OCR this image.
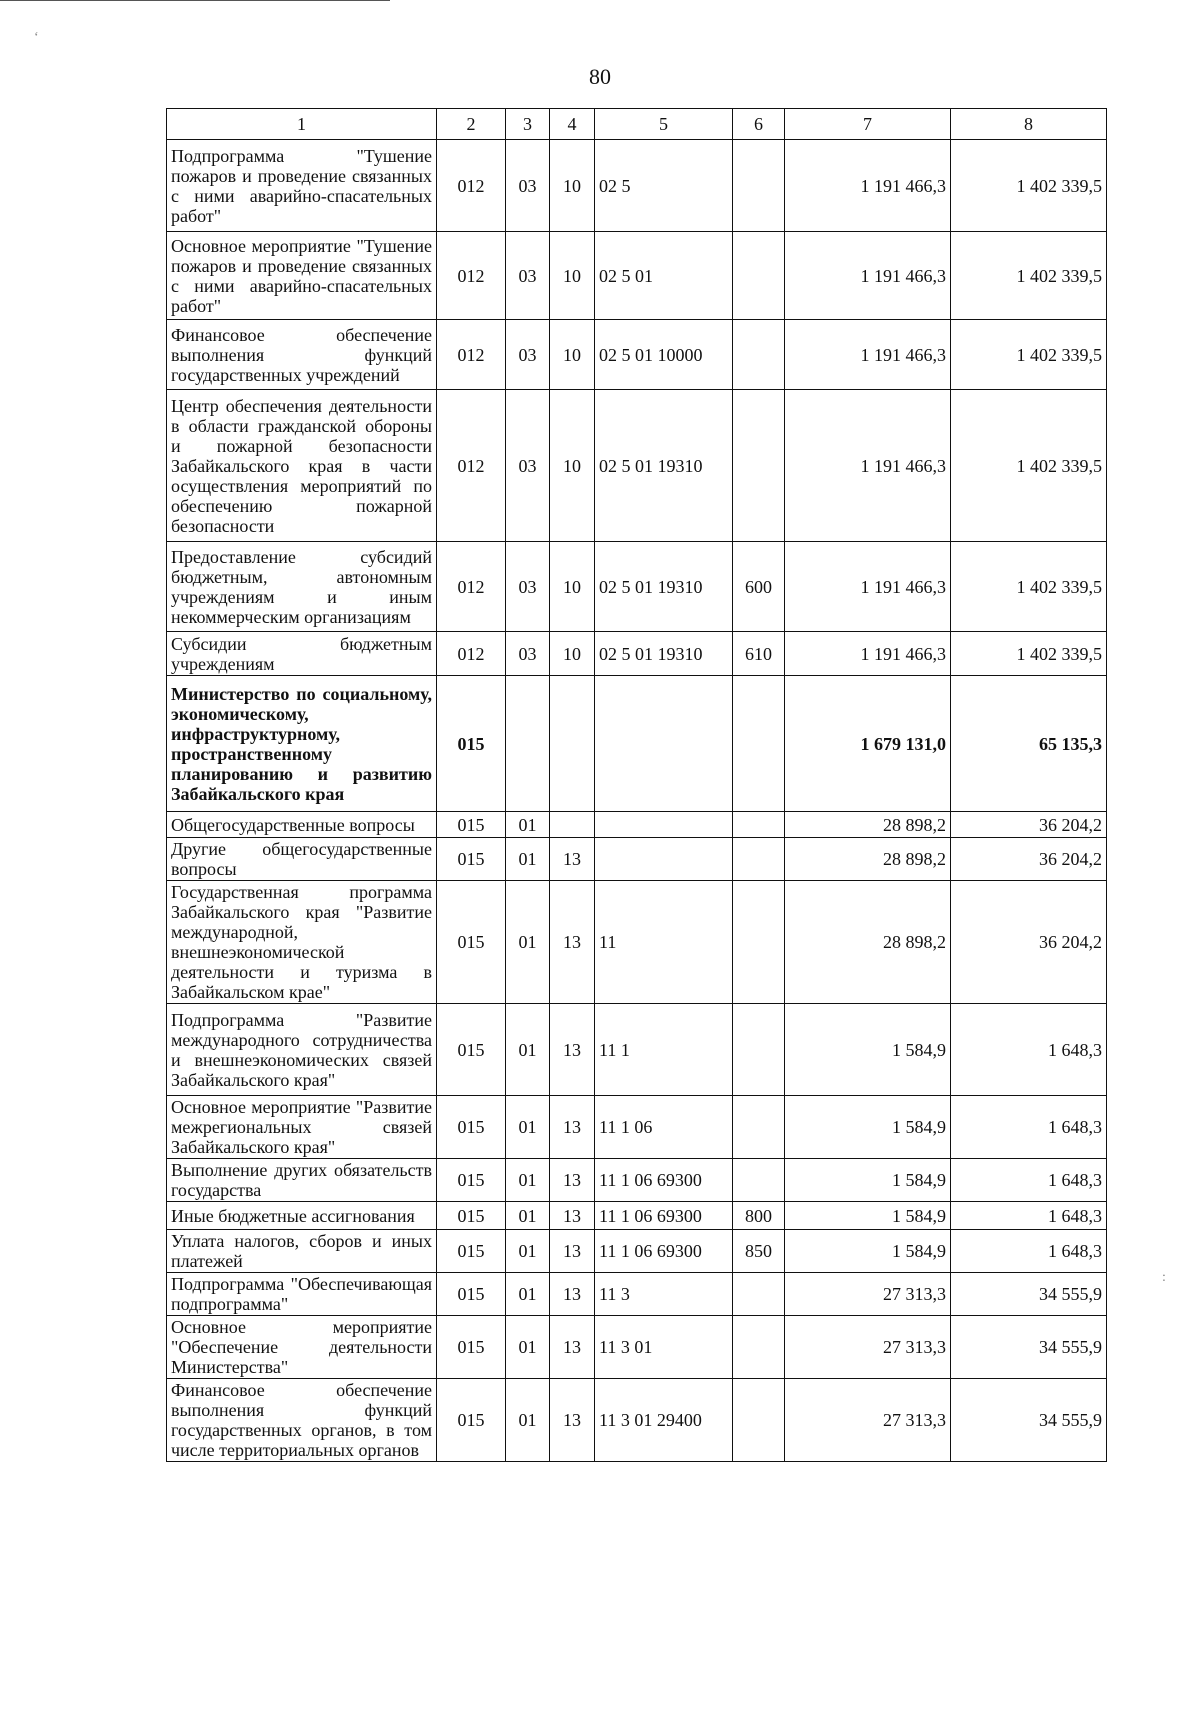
‘
:
80
1	2	3	4	5	6	7	8
Подпрограмма "Тушение пожаров и проведение связанных с ними аварийно-спасательных работ"	012	03	10	02 5		1 191 466,3	1 402 339,5
Основное мероприятие "Тушение пожаров и проведение связанных с ними аварийно-спасательных работ"	012	03	10	02 5 01		1 191 466,3	1 402 339,5
Финансовое обеспечение выполнения функций государственных учреждений	012	03	10	02 5 01 10000		1 191 466,3	1 402 339,5
Центр обеспечения деятельности в области гражданской обороны и пожарной безопасности Забайкальского края в части осуществления мероприятий по обеспечению пожарной безопасности	012	03	10	02 5 01 19310		1 191 466,3	1 402 339,5
Предоставление субсидий бюджетным, автономным учреждениям и иным некоммерческим организациям	012	03	10	02 5 01 19310	600	1 191 466,3	1 402 339,5
Субсидии бюджетным учреждениям	012	03	10	02 5 01 19310	610	1 191 466,3	1 402 339,5
Министерство по социальному, экономическому, инфраструктурному, пространственному планированию и развитию Забайкальского края	015					1 679 131,0	65 135,3
Общегосударственные вопросы	015	01				28 898,2	36 204,2
Другие общегосударственные вопросы	015	01	13			28 898,2	36 204,2
Государственная программа Забайкальского края "Развитие международной, внешнеэкономической деятельности и туризма в Забайкальском крае"	015	01	13	11		28 898,2	36 204,2
Подпрограмма "Развитие международного сотрудничества и внешнеэкономических связей Забайкальского края"	015	01	13	11 1		1 584,9	1 648,3
Основное мероприятие "Развитие межрегиональных связей Забайкальского края"	015	01	13	11 1 06		1 584,9	1 648,3
Выполнение других обязательств государства	015	01	13	11 1 06 69300		1 584,9	1 648,3
Иные бюджетные ассигнования	015	01	13	11 1 06 69300	800	1 584,9	1 648,3
Уплата налогов, сборов и иных платежей	015	01	13	11 1 06 69300	850	1 584,9	1 648,3
Подпрограмма "Обеспечивающая подпрограмма"	015	01	13	11 3		27 313,3	34 555,9
Основное мероприятие "Обеспечение деятельности Министерства"	015	01	13	11 3 01		27 313,3	34 555,9
Финансовое обеспечение выполнения функций государственных органов, в том числе территориальных органов	015	01	13	11 3 01 29400		27 313,3	34 555,9
